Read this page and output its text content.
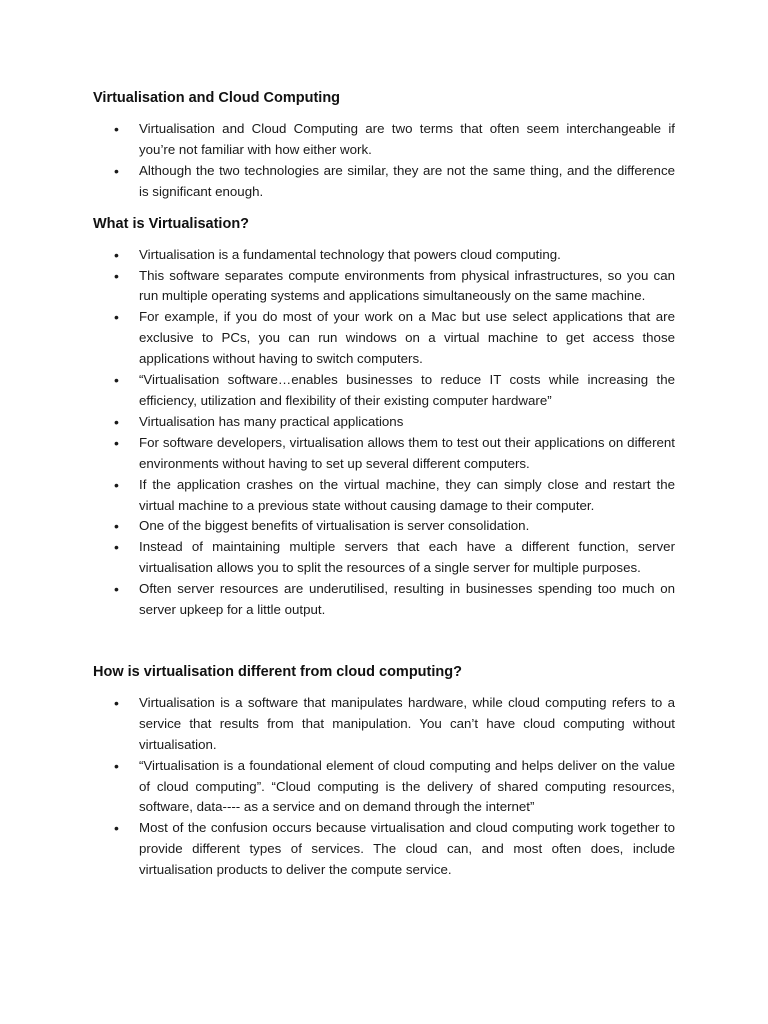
Virtualisation and Cloud Computing
• Virtualisation and Cloud Computing are two terms that often seem interchangeable if you’re not familiar with how either work.
• Although the two technologies are similar, they are not the same thing, and the difference is significant enough.
What is Virtualisation?
• Virtualisation is a fundamental technology that powers cloud computing.
• This software separates compute environments from physical infrastructures, so you can run multiple operating systems and applications simultaneously on the same machine.
• For example, if you do most of your work on a Mac but use select applications that are exclusive to PCs, you can run windows on a virtual machine to get access those applications without having to switch computers.
• “Virtualisation software…enables businesses to reduce IT costs while increasing the efficiency, utilization and flexibility of their existing computer hardware”
• Virtualisation has many practical applications
• For software developers, virtualisation allows them to test out their applications on different environments without having to set up several different computers.
• If the application crashes on the virtual machine, they can simply close and restart the virtual machine to a previous state without causing damage to their computer.
• One of the biggest benefits of virtualisation is server consolidation.
• Instead of maintaining multiple servers that each have a different function, server virtualisation allows you to split the resources of a single server for multiple purposes.
• Often server resources are underutilised, resulting in businesses spending too much on server upkeep for a little output.
How is virtualisation different from cloud computing?
• Virtualisation is a software that manipulates hardware, while cloud computing refers to a service that results from that manipulation. You can’t have cloud computing without virtualisation.
• “Virtualisation is a foundational element of cloud computing and helps deliver on the value of cloud computing”. “Cloud computing is the delivery of shared computing resources, software, data---- as a service and on demand through the internet”
• Most of the confusion occurs because virtualisation and cloud computing work together to provide different types of services. The cloud can, and most often does, include virtualisation products to deliver the compute service.
